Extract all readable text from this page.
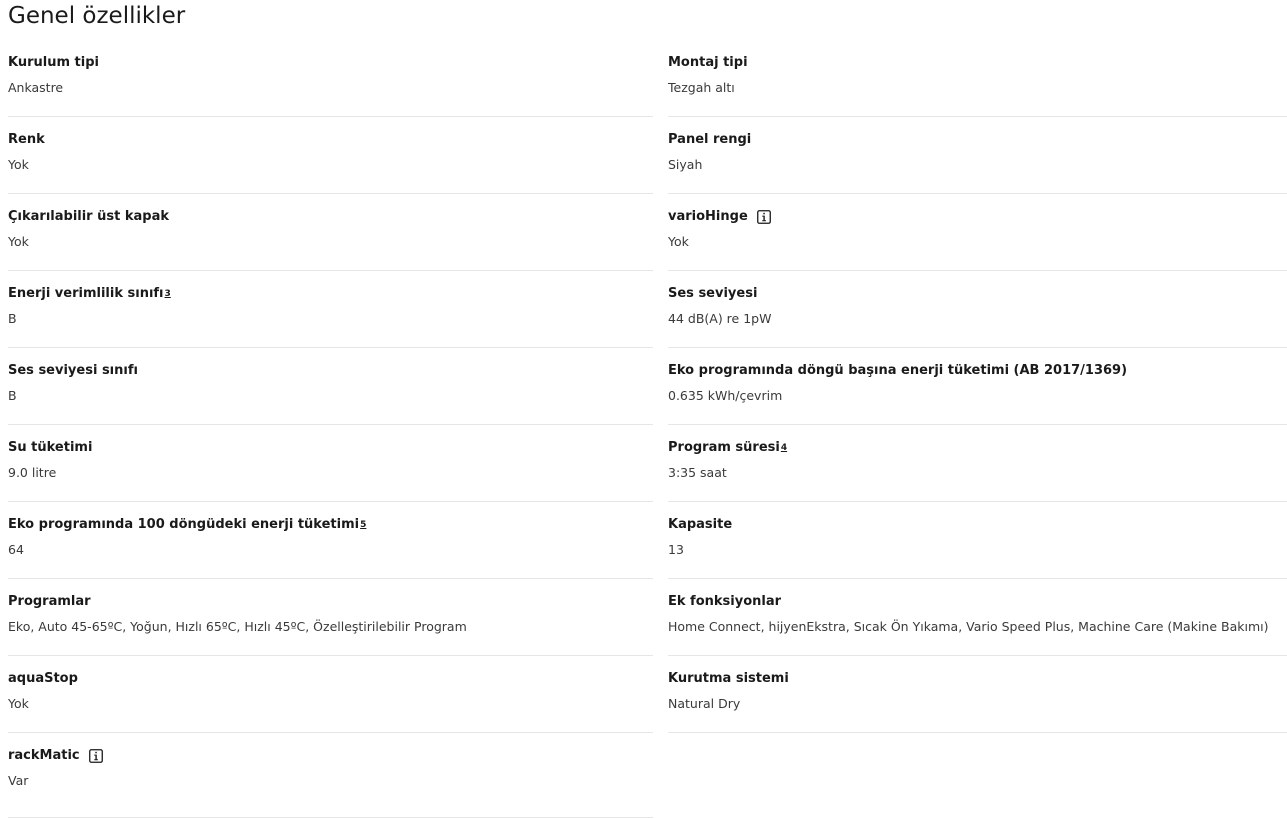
Genel özellikler
Kurulum tipi
Ankastre
Montaj tipi
Tezgah altı
Renk
Yok
Panel rengi
Siyah
Çıkarılabilir üst kapak
Yok
varioHinge
Yok
Enerji verimlilik sınıfı 3
B
Ses seviyesi
44 dB(A) re 1pW
Ses seviyesi sınıfı
B
Eko programında döngü başına enerji tüketimi (AB 2017/1369)
0.635 kWh/çevrim
Su tüketimi
9.0 litre
Program süresi 4
3:35 saat
Eko programında 100 döngüdeki enerji tüketimi 5
64
Kapasite
13
Programlar
Eko, Auto 45-65ºC, Yoğun, Hızlı 65ºC, Hızlı 45ºC, Özelleştirilebilir Program
Ek fonksiyonlar
Home Connect, hijyenEkstra, Sıcak Ön Yıkama, Vario Speed Plus, Machine Care (Makine Bakımı)
aquaStop
Yok
Kurutma sistemi
Natural Dry
rackMatic
Var
